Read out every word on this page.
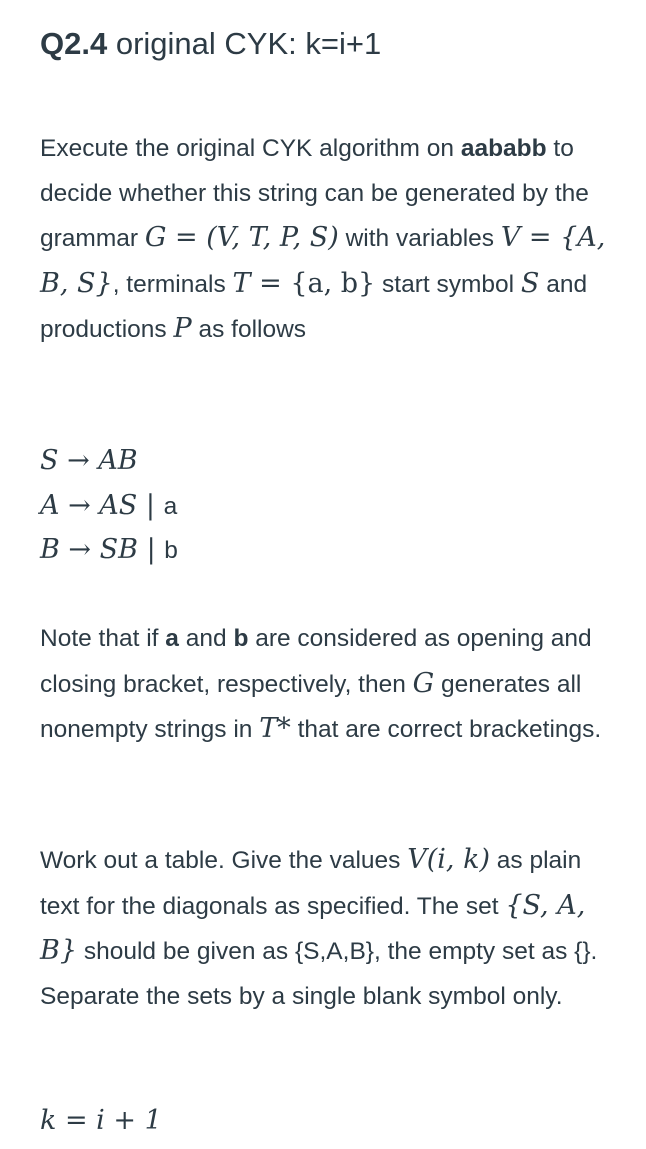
Q2.4 original CYK: k=i+1

Execute the original CYK algorithm on aababb to decide whether this string can be generated by the grammar G = (V, T, P, S) with variables V = {A, B, S}, terminals T = {a, b} start symbol S and productions P as follows

S → AB
A → AS | a
B → SB | b

Note that if a and b are considered as opening and closing bracket, respectively, then G generates all nonempty strings in T* that are correct bracketings.

Work out a table. Give the values V(i, k) as plain text for the diagonals as specified. The set {S, A, B} should be given as {S,A,B}, the empty set as {}. Separate the sets by a single blank symbol only.

k = i + 1
